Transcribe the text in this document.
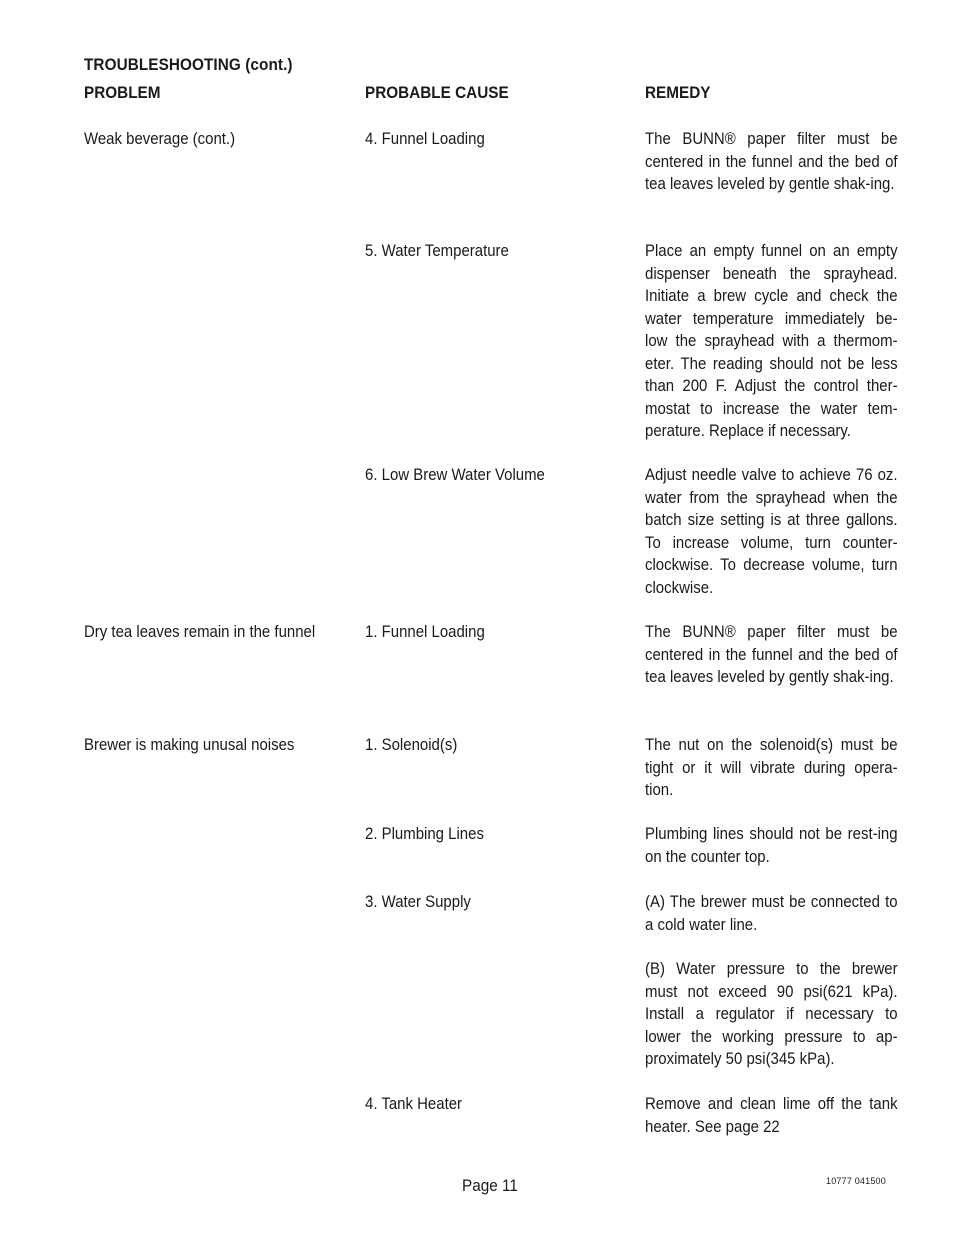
TROUBLESHOOTING (cont.)
PROBLEM	PROBABLE CAUSE	REMEDY
Weak beverage (cont.)	4. Funnel Loading	The BUNN® paper filter must be centered in the funnel and the bed of tea leaves leveled by gentle shak-ing.
5. Water Temperature	Place an empty funnel on an empty dispenser beneath the sprayhead. Initiate a brew cycle and check the water temperature immediately be-low the sprayhead with a thermom-eter. The reading should not be less than 200 F. Adjust the control ther-mostat to increase the water tem-perature. Replace if necessary.
6. Low Brew Water Volume	Adjust needle valve to achieve 76 oz. water from the sprayhead when the batch size setting is at three gallons. To increase volume, turn counter-clockwise. To decrease volume, turn clockwise.
Dry tea leaves remain in the funnel	1. Funnel Loading	The BUNN® paper filter must be centered in the funnel and the bed of tea leaves leveled by gently shak-ing.
Brewer is making unusal noises	1. Solenoid(s)	The nut on the solenoid(s) must be tight or it will vibrate during opera-tion.
2. Plumbing Lines	Plumbing lines should not be rest-ing on the counter top.
3. Water Supply	(A) The brewer must be connected to a cold water line.
(B) Water pressure to the brewer must not exceed 90 psi(621 kPa). Install a regulator if necessary to lower the working pressure to ap-proximately 50 psi(345 kPa).
4. Tank Heater	Remove and clean lime off the tank heater. See page 22
Page 11	10777 041500
